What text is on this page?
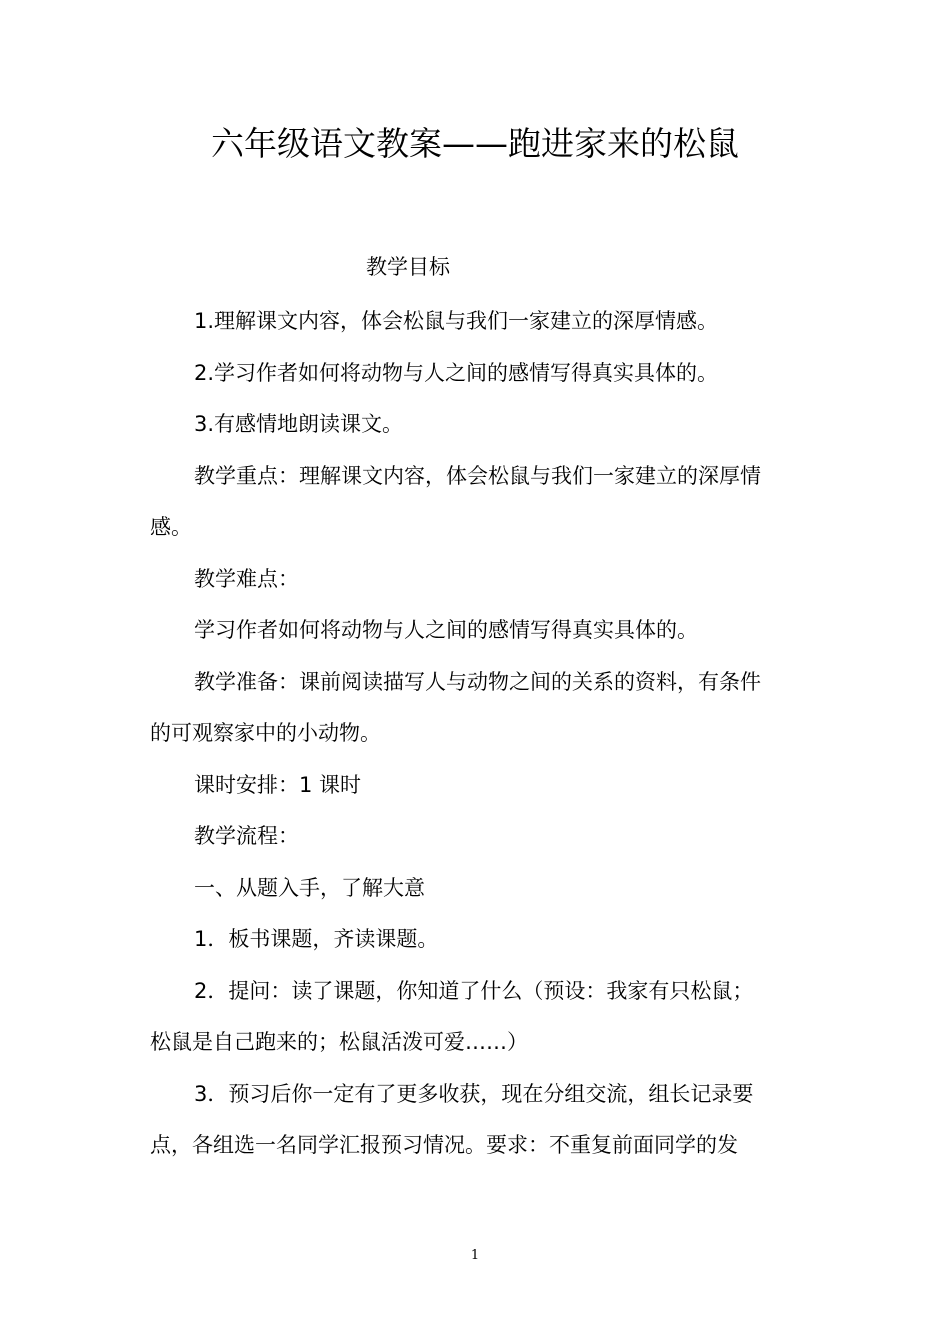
六年级语文教案——跑进家来的松鼠
教学目标

1.理解课文内容，体会松鼠与我们一家建立的深厚情感。

2.学习作者如何将动物与人之间的感情写得真实具体的。

3.有感情地朗读课文。

教学重点：理解课文内容，体会松鼠与我们一家建立的深厚情

感。

教学难点：

学习作者如何将动物与人之间的感情写得真实具体的。

教学准备：课前阅读描写人与动物之间的关系的资料，有条件

的可观察家中的小动物。

课时安排：1 课时

教学流程：

一、从题入手，了解大意

1．板书课题，齐读课题。

2．提问：读了课题，你知道了什么（预设：我家有只松鼠；

松鼠是自己跑来的；松鼠活泼可爱……）

3．预习后你一定有了更多收获，现在分组交流，组长记录要

点，各组选一名同学汇报预习情况。要求：不重复前面同学的发

1
